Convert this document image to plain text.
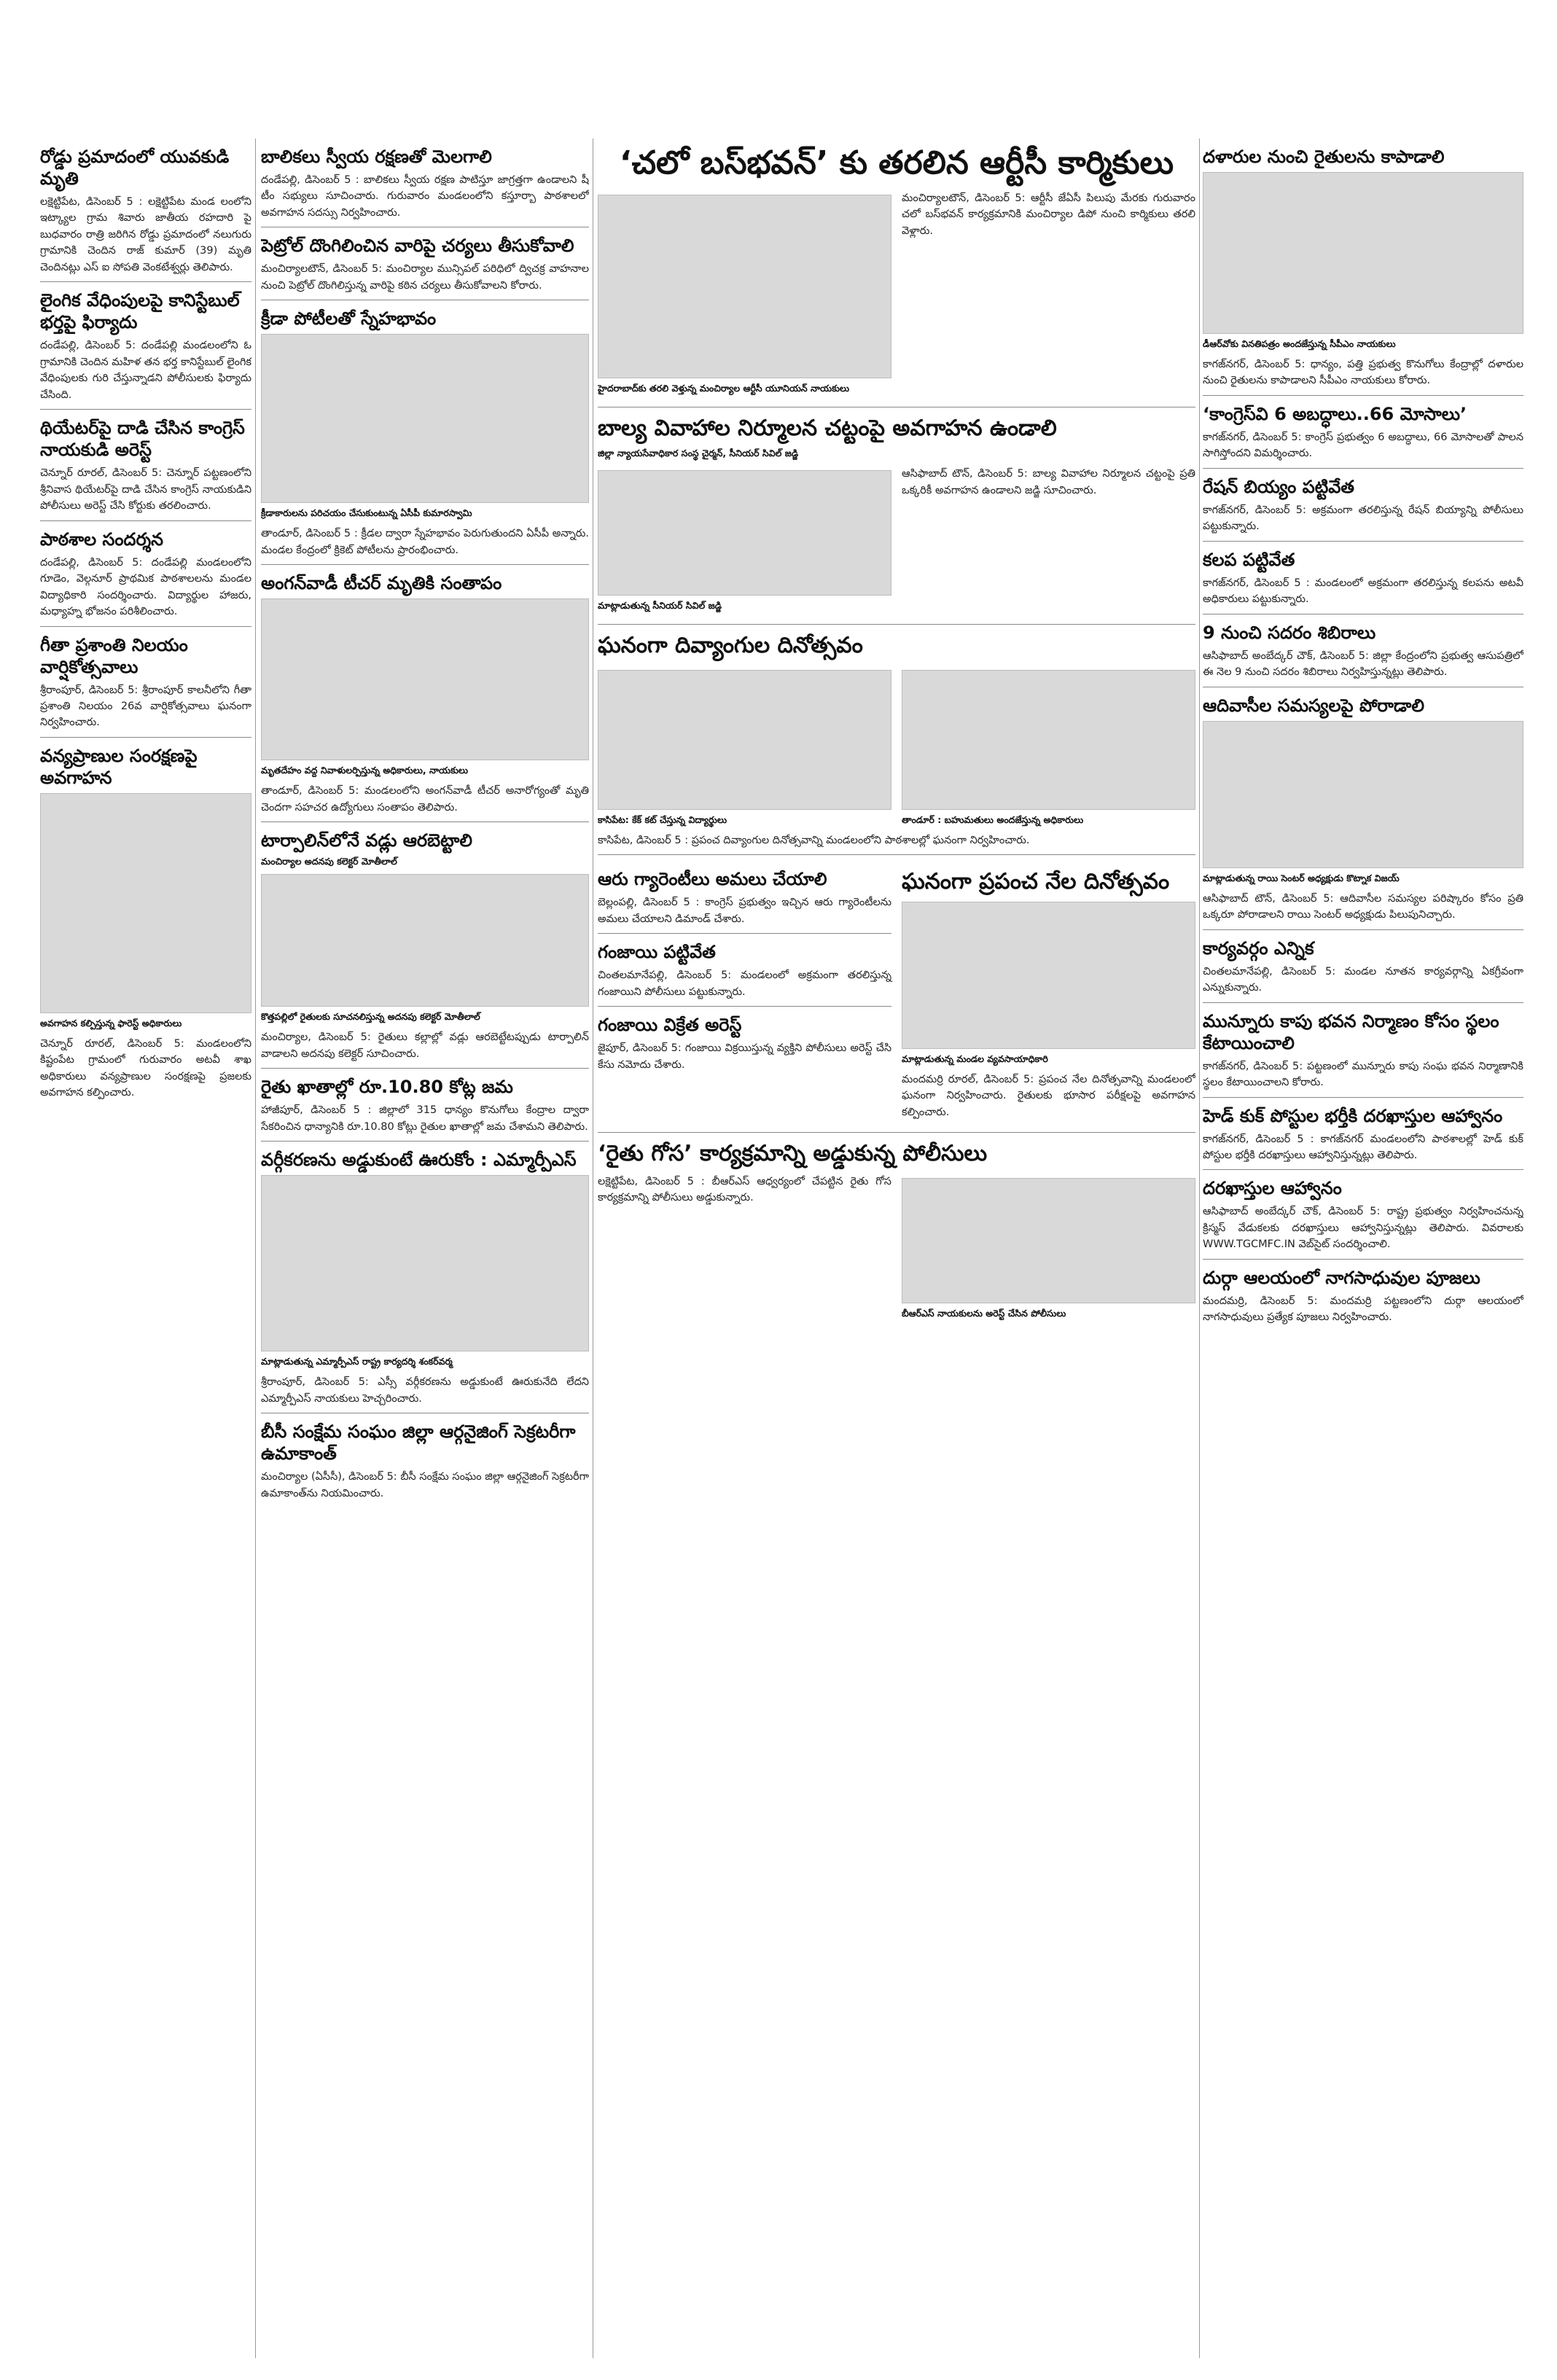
రోడ్డు ప్రమాదంలో యువకుడి మృతి

లక్షెట్టిపేట, డిసెంబర్ 5 : లక్షెట్టిపేట మండ లంలోని ఇట్క్యాల గ్రామ శివారు జాతీయ రహదారి పై బుధవారం రాత్రి జరిగిన రోడ్డు ప్రమాదంలో నలుగురు గ్రామానికి చెందిన రాజ్ కుమార్ (39) మృతి చెందినట్లు ఎస్ ఐ సోపతి వెంకటేశ్వర్లు తెలిపారు.

లైంగిక వేధింపులపై కానిస్టేబుల్ భర్తపై ఫిర్యాదు

దండేపల్లి, డిసెంబర్ 5: దండేపల్లి మండలంలోని ఓ గ్రామానికి చెందిన మహిళ తన భర్త కానిస్టేబుల్ లైంగిక వేధింపులకు గురి చేస్తున్నాడని పోలీసులకు ఫిర్యాదు చేసింది.

థియేటర్‌పై దాడి చేసిన కాంగ్రెస్ నాయకుడి అరెస్ట్

చెన్నూర్ రూరల్, డిసెంబర్ 5: చెన్నూర్ పట్టణంలోని శ్రీనివాస థియేటర్‌పై దాడి చేసిన కాంగ్రెస్ నాయకుడిని పోలీసులు అరెస్ట్ చేసి కోర్టుకు తరలించారు.

పాఠశాల సందర్శన

దండేపల్లి, డిసెంబర్ 5: దండేపల్లి మండలంలోని గూడెం, వెల్గనూర్ ప్రాథమిక పాఠశాలలను మండల విద్యాధికారి సందర్శించారు. విద్యార్థుల హాజరు, మధ్యాహ్న భోజనం పరిశీలించారు.

గీతా ప్రశాంతి నిలయం వార్షికోత్సవాలు

శ్రీరాంపూర్, డిసెంబర్ 5: శ్రీరాంపూర్ కాలనీలోని గీతా ప్రశాంతి నిలయం 26వ వార్షికోత్సవాలు ఘనంగా నిర్వహించారు.

వన్యప్రాణుల సంరక్షణపై అవగాహన
అవగాహన కల్పిస్తున్న ఫారెస్ట్ అధికారులు

చెన్నూర్ రూరల్, డిసెంబర్ 5: మండలంలోని కిష్టంపేట గ్రామంలో గురువారం అటవీ శాఖ అధికారులు వన్యప్రాణుల సంరక్షణపై ప్రజలకు అవగాహన కల్పించారు.

బాలికలు స్వీయ రక్షణతో మెలగాలి

దండేపల్లి, డిసెంబర్ 5 : బాలికలు స్వీయ రక్షణ పాటిస్తూ జాగ్రత్తగా ఉండాలని షీ టీం సభ్యులు సూచించారు. గురువారం మండలంలోని కస్తూర్బా పాఠశాలలో అవగాహన సదస్సు నిర్వహించారు.

పెట్రోల్ దొంగిలించిన వారిపై చర్యలు తీసుకోవాలి

మంచిర్యాలటౌన్, డిసెంబర్ 5: మంచిర్యాల మున్సిపల్ పరిధిలో ద్విచక్ర వాహనాల నుంచి పెట్రోల్ దొంగిలిస్తున్న వారిపై కఠిన చర్యలు తీసుకోవాలని కోరారు.

క్రీడా పోటీలతో స్నేహభావం
క్రీడాకారులను పరిచయం చేసుకుంటున్న ఏసీపీ కుమారస్వామి

తాండూర్, డిసెంబర్ 5 : క్రీడల ద్వారా స్నేహభావం పెరుగుతుందని ఏసీపీ అన్నారు. మండల కేంద్రంలో క్రికెట్ పోటీలను ప్రారంభించారు.

అంగన్‌వాడీ టీచర్ మృతికి సంతాపం
మృతదేహం వద్ద నివాళులర్పిస్తున్న అధికారులు, నాయకులు

తాండూర్, డిసెంబర్ 5: మండలంలోని అంగన్‌వాడీ టీచర్ అనారోగ్యంతో మృతి చెందగా సహచర ఉద్యోగులు సంతాపం తెలిపారు.

టార్పాలిన్‌లోనే వడ్లు ఆరబెట్టాలి
మంచిర్యాల అదనపు కలెక్టర్ మోతీలాల్
కొత్తపల్లిలో రైతులకు సూచనలిస్తున్న అదనపు కలెక్టర్ మోతీలాల్

మంచిర్యాల, డిసెంబర్ 5: రైతులు కల్లాల్లో వడ్లు ఆరబెట్టేటప్పుడు టార్పాలిన్ వాడాలని అదనపు కలెక్టర్ సూచించారు.

రైతు ఖాతాల్లో రూ.10.80 కోట్ల జమ

హాజీపూర్, డిసెంబర్ 5 : జిల్లాలో 315 ధాన్యం కొనుగోలు కేంద్రాల ద్వారా సేకరించిన ధాన్యానికి రూ.10.80 కోట్లు రైతుల ఖాతాల్లో జమ చేశామని తెలిపారు.

వర్గీకరణను అడ్డుకుంటే ఊరుకోం : ఎమ్మార్పీఎస్
మాట్లాడుతున్న ఎమ్మార్పీఎస్ రాష్ట్ర కార్యదర్శి శంకర్‌వర్మ

శ్రీరాంపూర్, డిసెంబర్ 5: ఎస్సీ వర్గీకరణను అడ్డుకుంటే ఊరుకునేది లేదని ఎమ్మార్పీఎస్ నాయకులు హెచ్చరించారు.

బీసీ సంక్షేమ సంఘం జిల్లా ఆర్గనైజింగ్ సెక్రటరీగా ఉమాకాంత్

మంచిర్యాల (ఏసీసీ), డిసెంబర్ 5: బీసీ సంక్షేమ సంఘం జిల్లా ఆర్గనైజింగ్ సెక్రటరీగా ఉమాకాంత్‌ను నియమించారు.

‘చలో బస్‌భవన్’ కు తరలిన ఆర్టీసీ కార్మికులు
హైదరాబాద్‌కు తరలి వెళ్తున్న మంచిర్యాల ఆర్టీసీ యూనియన్ నాయకులు

మంచిర్యాలటౌన్, డిసెంబర్ 5: ఆర్టీసీ జేఏసీ పిలుపు మేరకు గురువారం చలో బస్‌భవన్ కార్యక్రమానికి మంచిర్యాల డిపో నుంచి కార్మికులు తరలి వెళ్లారు.

బాల్య వివాహాల నిర్మూలన చట్టంపై అవగాహన ఉండాలి
జిల్లా న్యాయసేవాధికార సంస్థ చైర్మన్, సీనియర్ సివిల్ జడ్జి
మాట్లాడుతున్న సీనియర్ సివిల్ జడ్జి

ఆసిఫాబాద్ టౌన్, డిసెంబర్ 5: బాల్య వివాహాల నిర్మూలన చట్టంపై ప్రతి ఒక్కరికీ అవగాహన ఉండాలని జడ్జి సూచించారు.

ఘనంగా దివ్యాంగుల దినోత్సవం
కాసిపేట: కేక్ కట్ చేస్తున్న విద్యార్థులు	తాండూర్ : బహుమతులు అందజేస్తున్న అధికారులు

కాసిపేట, డిసెంబర్ 5 : ప్రపంచ దివ్యాంగుల దినోత్సవాన్ని మండలంలోని పాఠశాలల్లో ఘనంగా నిర్వహించారు.

ఆరు గ్యారెంటీలు అమలు చేయాలి

బెల్లంపల్లి, డిసెంబర్ 5 : కాంగ్రెస్ ప్రభుత్వం ఇచ్చిన ఆరు గ్యారెంటీలను అమలు చేయాలని డిమాండ్ చేశారు.

గంజాయి పట్టివేత

చింతలమానేపల్లి, డిసెంబర్ 5: మండలంలో అక్రమంగా తరలిస్తున్న గంజాయిని పోలీసులు పట్టుకున్నారు.

గంజాయి విక్రేత అరెస్ట్

జైపూర్, డిసెంబర్ 5: గంజాయి విక్రయిస్తున్న వ్యక్తిని పోలీసులు అరెస్ట్ చేసి కేసు నమోదు చేశారు.

ఘనంగా ప్రపంచ నేల దినోత్సవం
మాట్లాడుతున్న మండల వ్యవసాయాధికారి

మందమర్రి రూరల్, డిసెంబర్ 5: ప్రపంచ నేల దినోత్సవాన్ని మండలంలో ఘనంగా నిర్వహించారు. రైతులకు భూసార పరీక్షలపై అవగాహన కల్పించారు.

‘రైతు గోస’ కార్యక్రమాన్ని అడ్డుకున్న పోలీసులు

లక్షెట్టిపేట, డిసెంబర్ 5 : బీఆర్ఎస్ ఆధ్వర్యంలో చేపట్టిన రైతు గోస కార్యక్రమాన్ని పోలీసులు అడ్డుకున్నారు.

బీఆర్ఎస్ నాయకులను అరెస్ట్ చేసిన పోలీసులు
దళారుల నుంచి రైతులను కాపాడాలి
డీఆర్‌వోకు వినతిపత్రం అందజేస్తున్న సీపీఎం నాయకులు

కాగజ్‌నగర్, డిసెంబర్ 5: ధాన్యం, పత్తి ప్రభుత్వ కొనుగోలు కేంద్రాల్లో దళారుల నుంచి రైతులను కాపాడాలని సీపీఎం నాయకులు కోరారు.

‘కాంగ్రెస్‌వి 6 అబద్ధాలు..66 మోసాలు’

కాగజ్‌నగర్, డిసెంబర్ 5: కాంగ్రెస్ ప్రభుత్వం 6 అబద్ధాలు, 66 మోసాలతో పాలన సాగిస్తోందని విమర్శించారు.

రేషన్ బియ్యం పట్టివేత

కాగజ్‌నగర్, డిసెంబర్ 5: అక్రమంగా తరలిస్తున్న రేషన్ బియ్యాన్ని పోలీసులు పట్టుకున్నారు.

కలప పట్టివేత

కాగజ్‌నగర్, డిసెంబర్ 5 : మండలంలో అక్రమంగా తరలిస్తున్న కలపను అటవీ అధికారులు పట్టుకున్నారు.

9 నుంచి సదరం శిబిరాలు

ఆసిఫాబాద్ అంబేద్కర్ చౌక్, డిసెంబర్ 5: జిల్లా కేంద్రంలోని ప్రభుత్వ ఆసుపత్రిలో ఈ నెల 9 నుంచి సదరం శిబిరాలు నిర్వహిస్తున్నట్లు తెలిపారు.

ఆదివాసీల సమస్యలపై పోరాడాలి
మాట్లాడుతున్న రాయి సెంటర్ అధ్యక్షుడు కొట్నాక విజయ్

ఆసిఫాబాద్ టౌన్, డిసెంబర్ 5: ఆదివాసీల సమస్యల పరిష్కారం కోసం ప్రతి ఒక్కరూ పోరాడాలని రాయి సెంటర్ అధ్యక్షుడు పిలుపునిచ్చారు.

కార్యవర్గం ఎన్నిక

చింతలమానేపల్లి, డిసెంబర్ 5: మండల నూతన కార్యవర్గాన్ని ఏకగ్రీవంగా ఎన్నుకున్నారు.

మున్నూరు కాపు భవన నిర్మాణం కోసం స్థలం కేటాయించాలి

కాగజ్‌నగర్, డిసెంబర్ 5: పట్టణంలో మున్నూరు కాపు సంఘ భవన నిర్మాణానికి స్థలం కేటాయించాలని కోరారు.

హెడ్ కుక్ పోస్టుల భర్తీకి దరఖాస్తుల ఆహ్వానం

కాగజ్‌నగర్, డిసెంబర్ 5 : కాగజ్‌నగర్ మండలంలోని పాఠశాలల్లో హెడ్ కుక్ పోస్టుల భర్తీకి దరఖాస్తులు ఆహ్వానిస్తున్నట్లు తెలిపారు.

దరఖాస్తుల ఆహ్వానం

ఆసిఫాబాద్ అంబేద్కర్ చౌక్, డిసెంబర్ 5: రాష్ట్ర ప్రభుత్వం నిర్వహించనున్న క్రిస్మస్ వేడుకలకు దరఖాస్తులు ఆహ్వానిస్తున్నట్లు తెలిపారు. వివరాలకు WWW.TGCMFC.IN వెబ్‌సైట్ సందర్శించాలి.

దుర్గా ఆలయంలో నాగసాధువుల పూజలు

మందమర్రి, డిసెంబర్ 5: మందమర్రి పట్టణంలోని దుర్గా ఆలయంలో నాగసాధువులు ప్రత్యేక పూజలు నిర్వహించారు.
